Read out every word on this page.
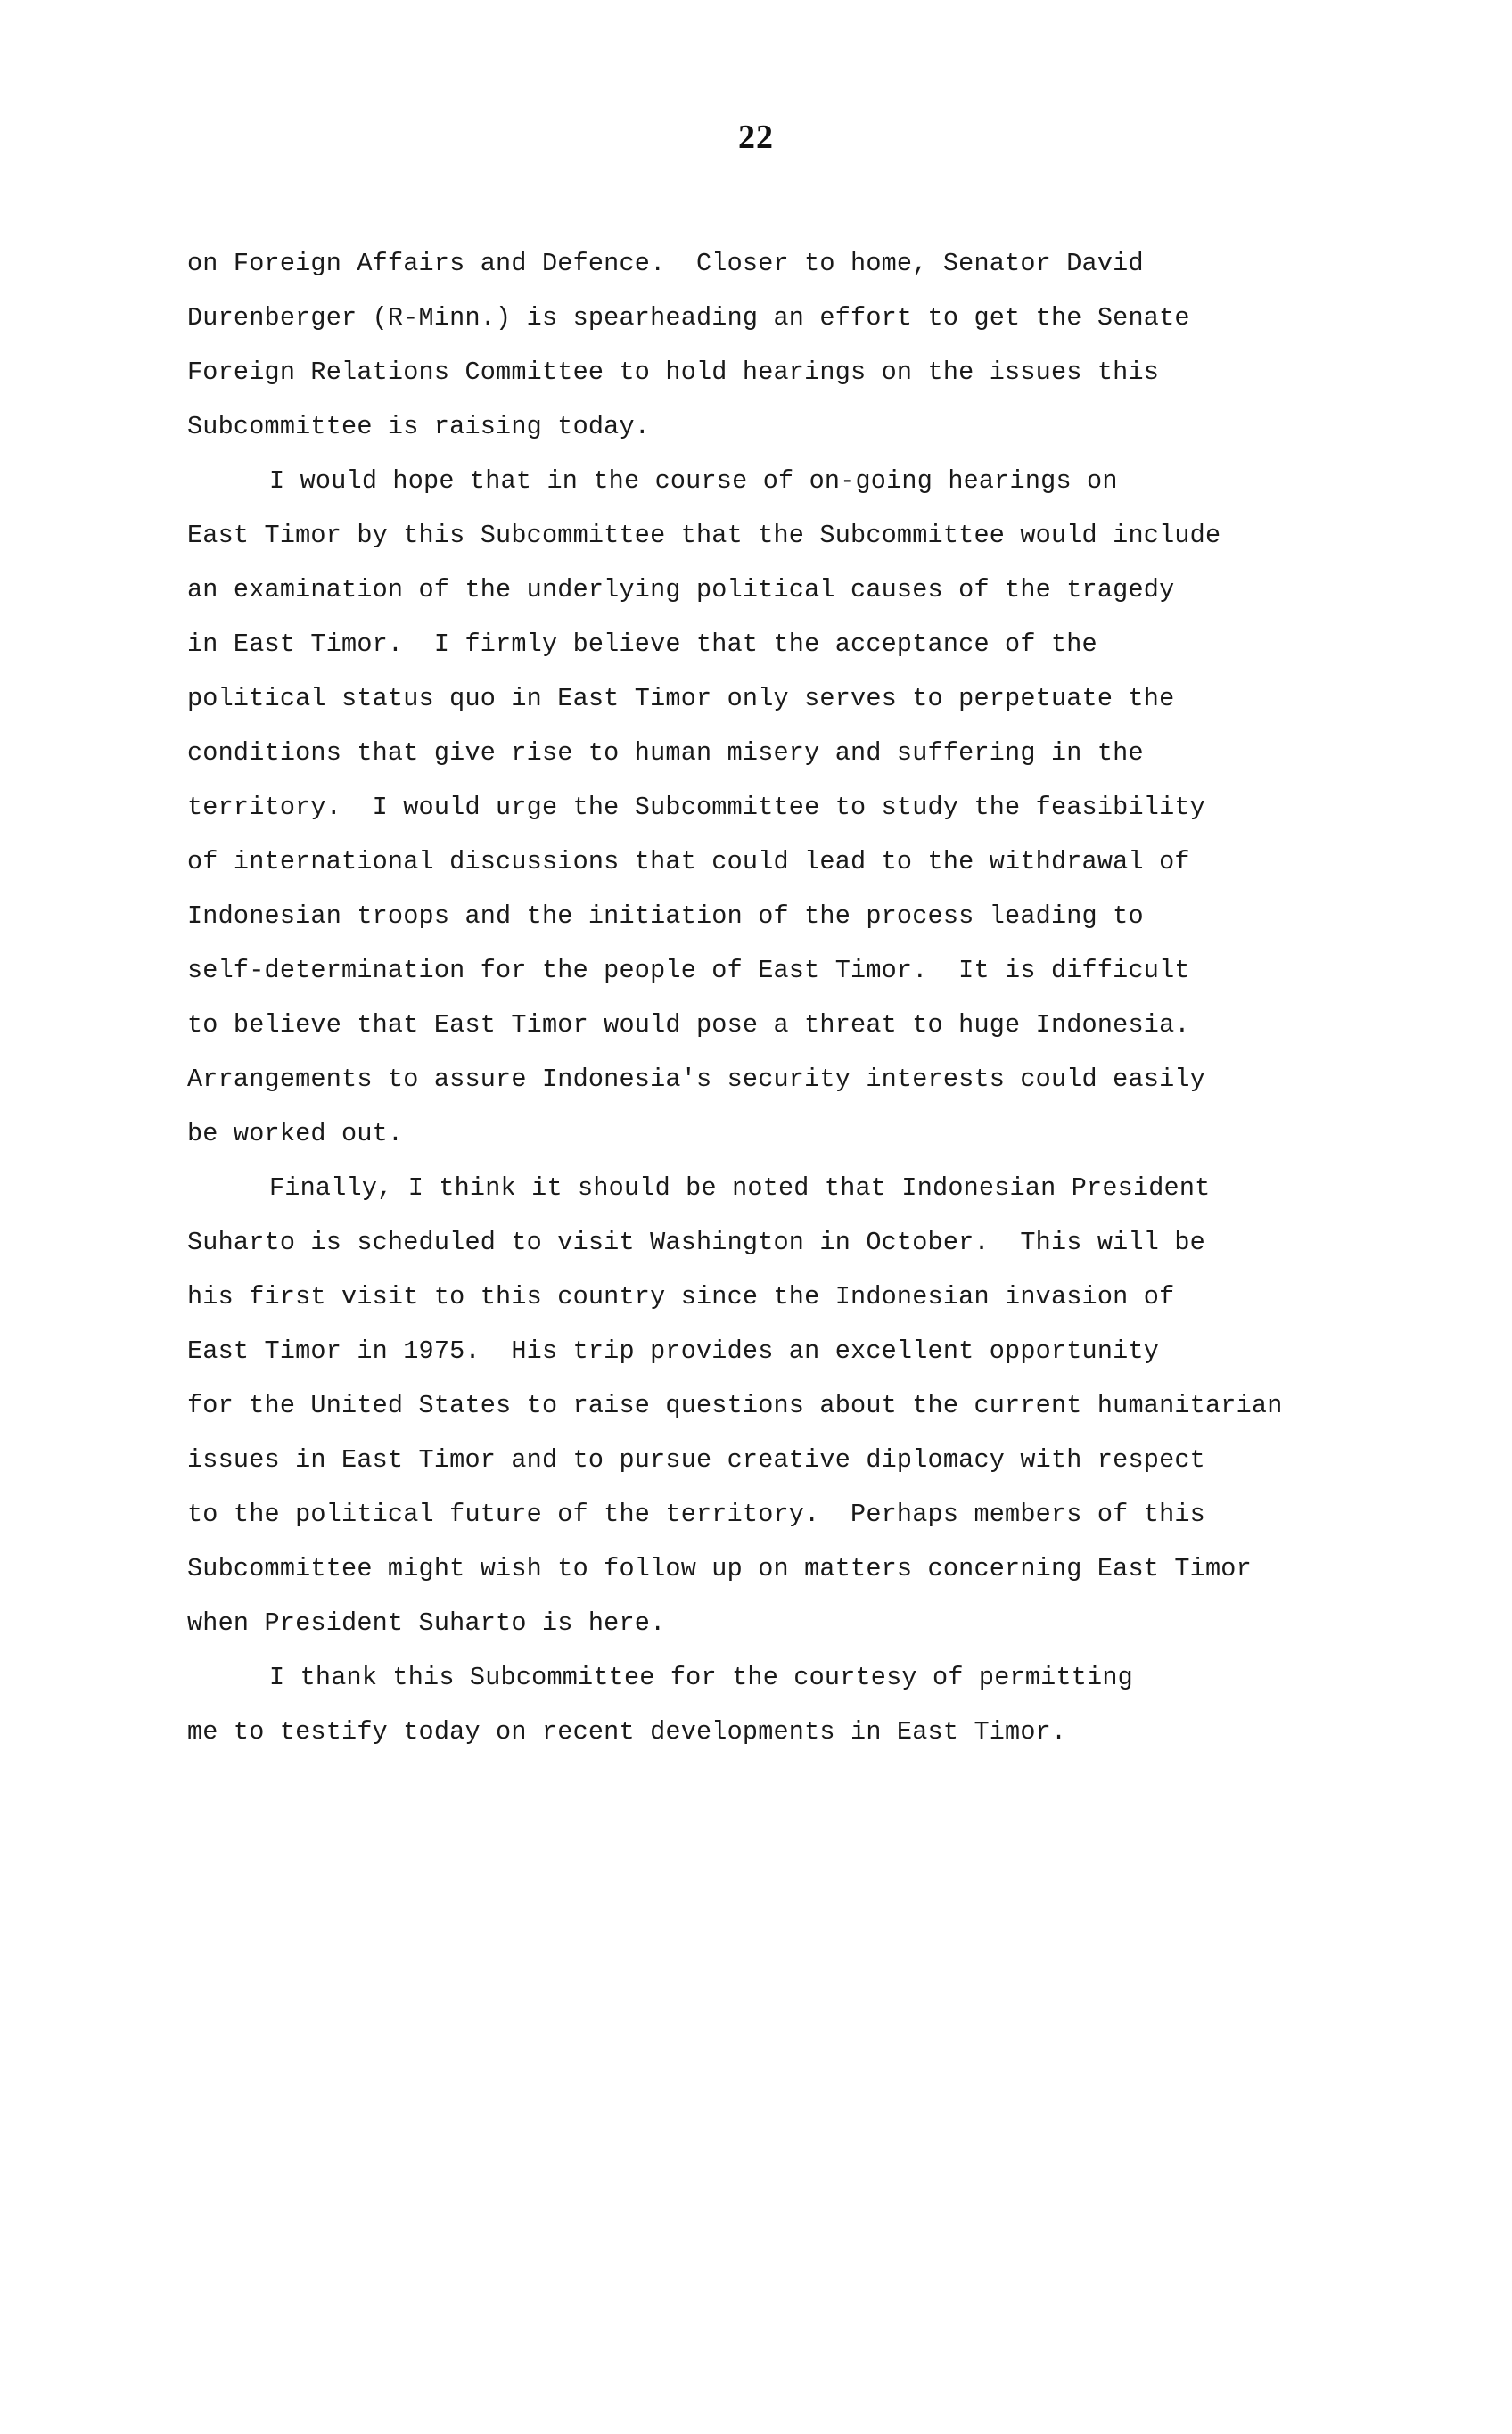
22
on Foreign Affairs and Defence.  Closer to home, Senator David
Durenberger (R-Minn.) is spearheading an effort to get the Senate
Foreign Relations Committee to hold hearings on the issues this
Subcommittee is raising today.
I would hope that in the course of on-going hearings on
East Timor by this Subcommittee that the Subcommittee would include
an examination of the underlying political causes of the tragedy
in East Timor.  I firmly believe that the acceptance of the
political status quo in East Timor only serves to perpetuate the
conditions that give rise to human misery and suffering in the
territory.  I would urge the Subcommittee to study the feasibility
of international discussions that could lead to the withdrawal of
Indonesian troops and the initiation of the process leading to
self-determination for the people of East Timor.  It is difficult
to believe that East Timor would pose a threat to huge Indonesia.
Arrangements to assure Indonesia's security interests could easily
be worked out.
Finally, I think it should be noted that Indonesian President
Suharto is scheduled to visit Washington in October.  This will be
his first visit to this country since the Indonesian invasion of
East Timor in 1975.  His trip provides an excellent opportunity
for the United States to raise questions about the current humanitarian
issues in East Timor and to pursue creative diplomacy with respect
to the political future of the territory.  Perhaps members of this
Subcommittee might wish to follow up on matters concerning East Timor
when President Suharto is here.
I thank this Subcommittee for the courtesy of permitting
me to testify today on recent developments in East Timor.
